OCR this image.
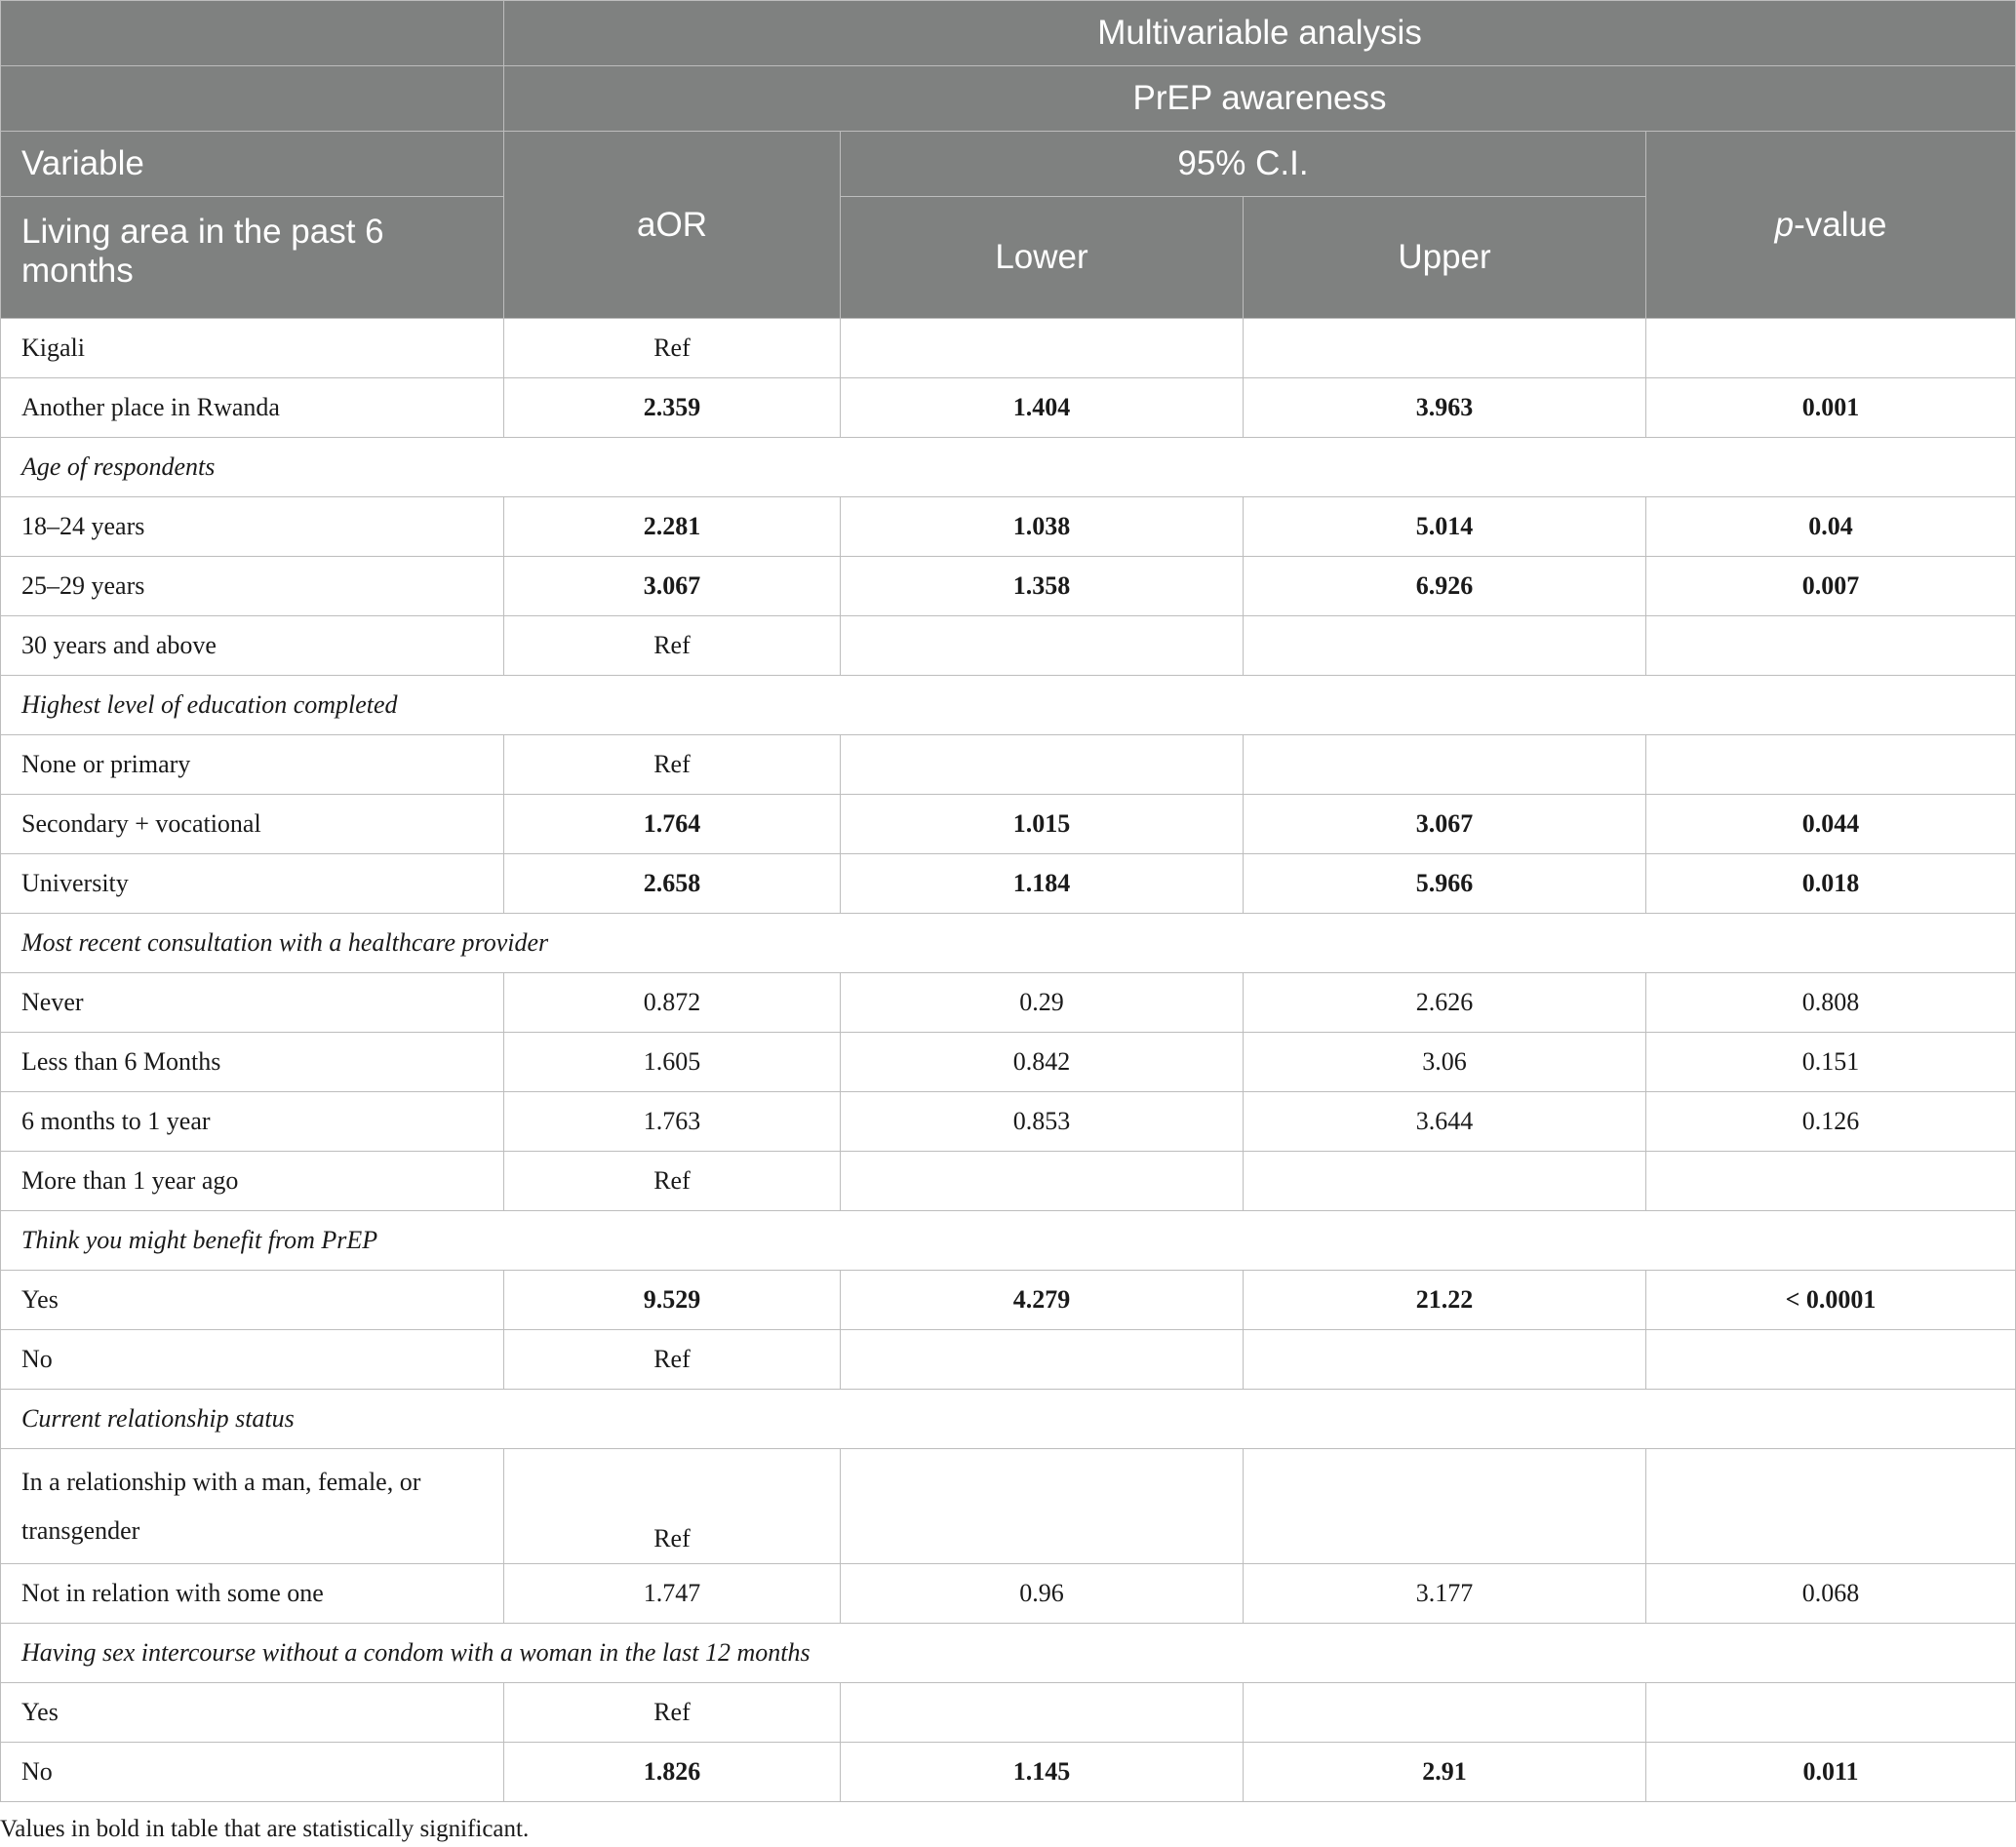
	Multivariable analysis			
	PrEP awareness			
Variable	aOR	95% C.I.		p-value
Living area in the past 6 months		Lower	Upper	
Kigali	Ref			
Another place in Rwanda	2.359	1.404	3.963	0.001
Age of respondents				
18–24 years	2.281	1.038	5.014	0.04
25–29 years	3.067	1.358	6.926	0.007
30 years and above	Ref			
Highest level of education completed				
None or primary	Ref			
Secondary + vocational	1.764	1.015	3.067	0.044
University	2.658	1.184	5.966	0.018
Most recent consultation with a healthcare provider				
Never	0.872	0.29	2.626	0.808
Less than 6 Months	1.605	0.842	3.06	0.151
6 months to 1 year	1.763	0.853	3.644	0.126
More than 1 year ago	Ref			
Think you might benefit from PrEP				
Yes	9.529	4.279	21.22	< 0.0001
No	Ref			
Current relationship status				
In a relationship with a man, female, or transgender	Ref			
Not in relation with some one	1.747	0.96	3.177	0.068
Having sex intercourse without a condom with a woman in the last 12 months				
Yes	Ref			
No	1.826	1.145	2.91	0.011
Values in bold in table that are statistically significant.
